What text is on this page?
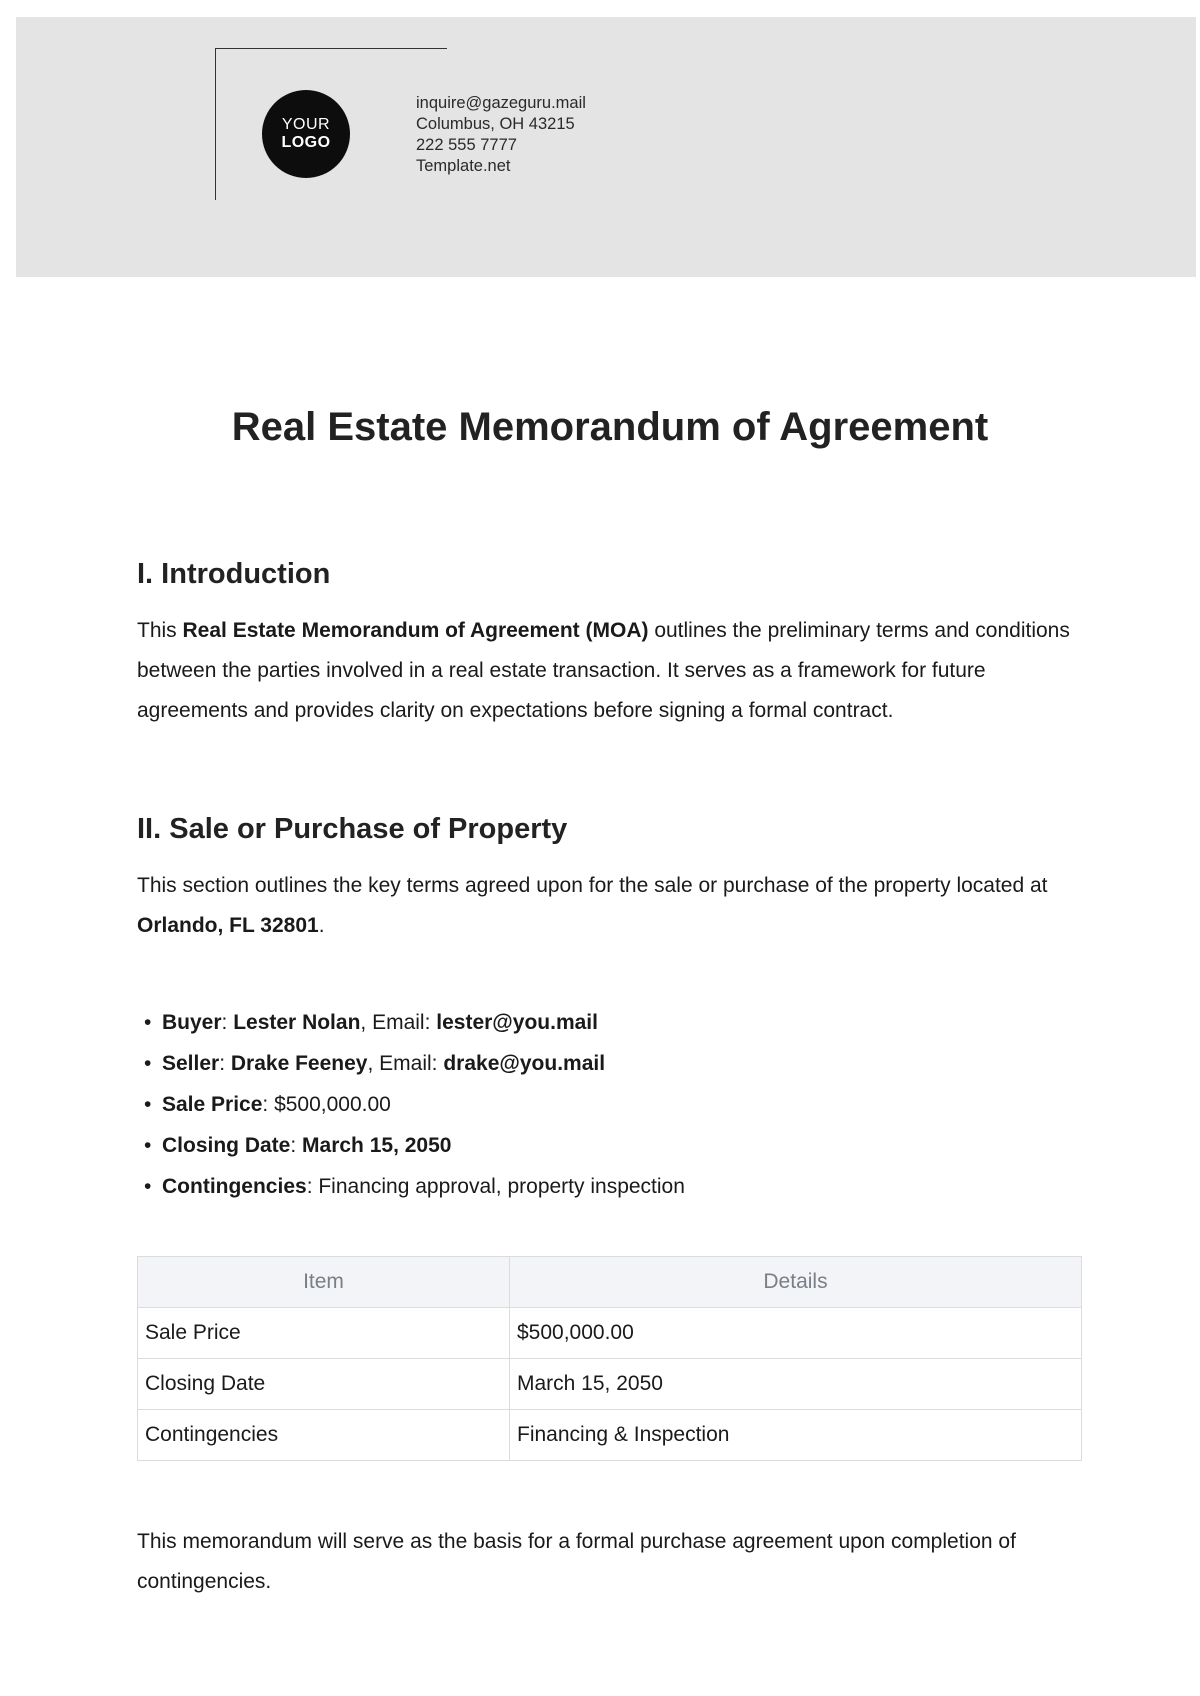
YOUR
LOGO
inquire@gazeguru.mail
Columbus, OH 43215
222 555 7777
Template.net
Real Estate Memorandum of Agreement
I. Introduction

This Real Estate Memorandum of Agreement (MOA) outlines the preliminary terms and conditions between the parties involved in a real estate transaction. It serves as a framework for future agreements and provides clarity on expectations before signing a formal contract.

II. Sale or Purchase of Property

This section outlines the key terms agreed upon for the sale or purchase of the property located at Orlando, FL 32801.

• Buyer: Lester Nolan, Email: lester@you.mail
• Seller: Drake Feeney, Email: drake@you.mail
• Sale Price: $500,000.00
• Closing Date: March 15, 2050
• Contingencies: Financing approval, property inspection
Item	Details
Sale Price	$500,000.00
Closing Date	March 15, 2050
Contingencies	Financing & Inspection

This memorandum will serve as the basis for a formal purchase agreement upon completion of contingencies.
